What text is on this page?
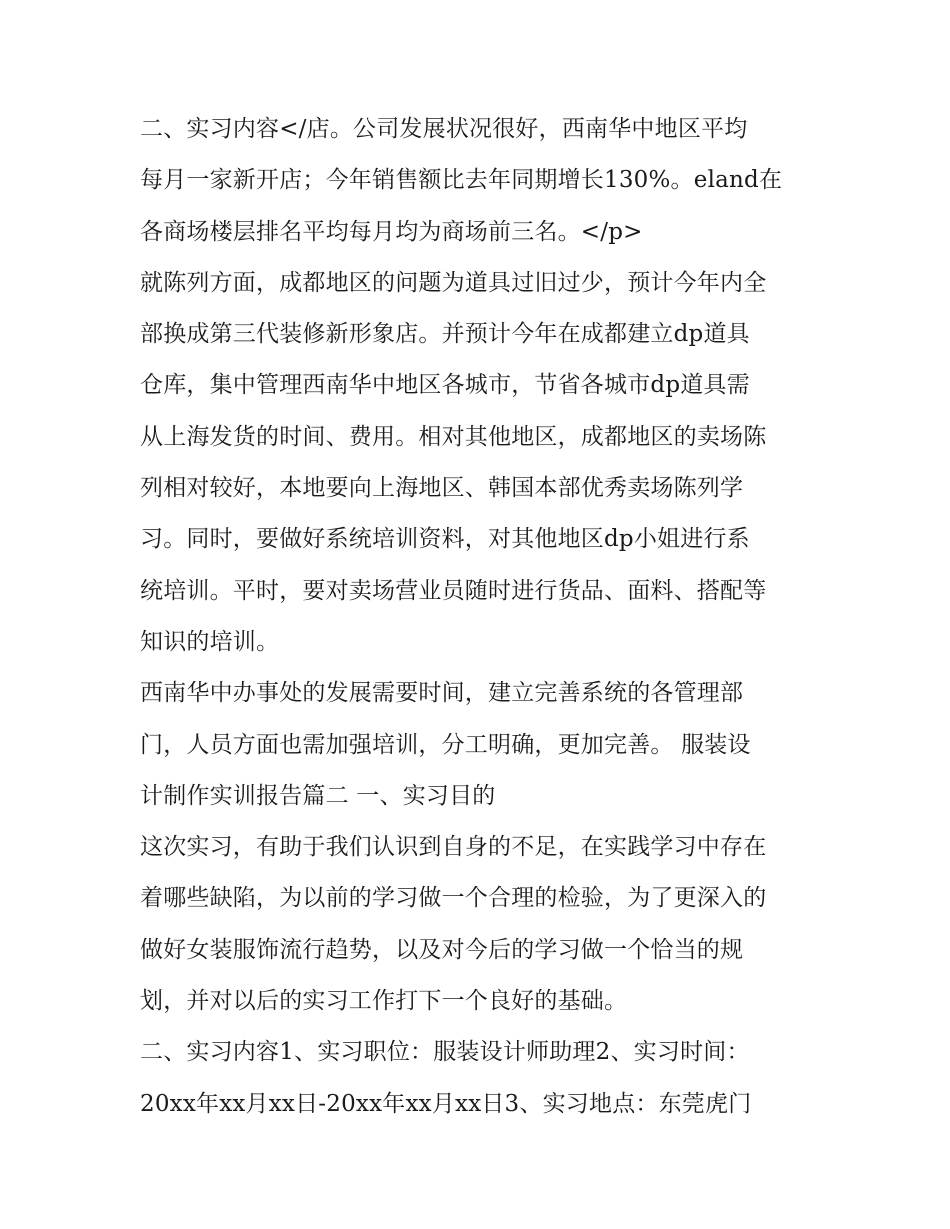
二、实习内容</店。公司发展状况很好，西南华中地区平均
每月一家新开店；今年销售额比去年同期增长130%。eland在
各商场楼层排名平均每月均为商场前三名。</p>
就陈列方面，成都地区的问题为道具过旧过少，预计今年内全
部换成第三代装修新形象店。并预计今年在成都建立dp道具
仓库，集中管理西南华中地区各城市，节省各城市dp道具需
从上海发货的时间、费用。相对其他地区，成都地区的卖场陈
列相对较好，本地要向上海地区、韩国本部优秀卖场陈列学
习。同时，要做好系统培训资料，对其他地区dp小姐进行系
统培训。平时，要对卖场营业员随时进行货品、面料、搭配等
知识的培训。
西南华中办事处的发展需要时间，建立完善系统的各管理部
门，人员方面也需加强培训，分工明确，更加完善。 服装设
计制作实训报告篇二 一、实习目的
这次实习，有助于我们认识到自身的不足，在实践学习中存在
着哪些缺陷，为以前的学习做一个合理的检验，为了更深入的
做好女装服饰流行趋势，以及对今后的学习做一个恰当的规
划，并对以后的实习工作打下一个良好的基础。
二、实习内容1、实习职位：服装设计师助理2、实习时间：
20xx年xx月xx日-20xx年xx月xx日3、实习地点：东莞虎门
